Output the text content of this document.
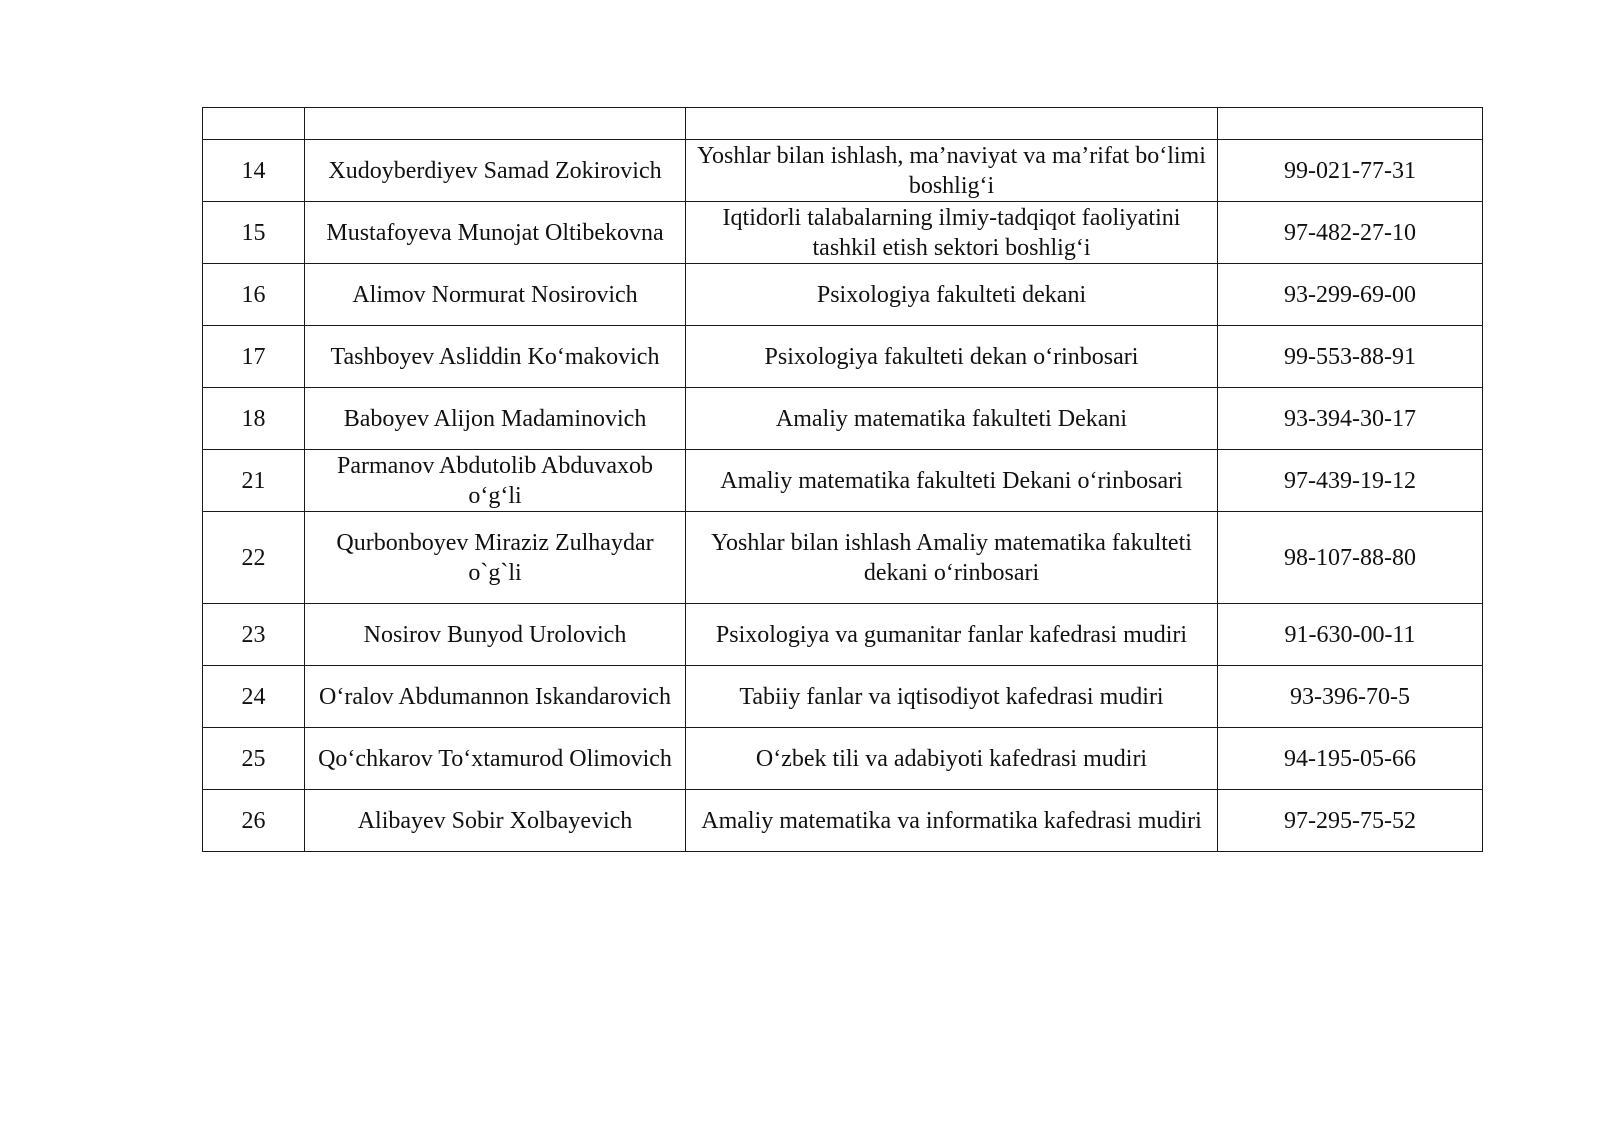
14	Xudoyberdiyev Samad Zokirovich	Yoshlar bilan ishlash, ma’naviyat va ma’rifat bo‘limi boshlig‘i	99-021-77-31
15	Mustafoyeva Munojat Oltibekovna	Iqtidorli talabalarning ilmiy-tadqiqot faoliyatini tashkil etish sektori boshlig‘i	97-482-27-10
16	Alimov Normurat Nosirovich	Psixologiya fakulteti dekani	93-299-69-00
17	Tashboyev Asliddin Ko‘makovich	Psixologiya fakulteti dekan o‘rinbosari	99-553-88-91
18	Baboyev Alijon Madaminovich	Amaliy matematika fakulteti Dekani	93-394-30-17
21	Parmanov Abdutolib Abduvaxob o‘g‘li	Amaliy matematika fakulteti Dekani o‘rinbosari	97-439-19-12
22	Qurbonboyev Miraziz Zulhaydar o`g`li	Yoshlar bilan ishlash Amaliy matematika fakulteti dekani o‘rinbosari	98-107-88-80
23	Nosirov Bunyod Urolovich	Psixologiya va gumanitar fanlar kafedrasi mudiri	91-630-00-11
24	O‘ralov Abdumannon Iskandarovich	Tabiiy fanlar va iqtisodiyot kafedrasi mudiri	93-396-70-5
25	Qo‘chkarov To‘xtamurod Olimovich	O‘zbek tili va adabiyoti kafedrasi mudiri	94-195-05-66
26	Alibayev Sobir Xolbayevich	Amaliy matematika va informatika kafedrasi mudiri	97-295-75-52
